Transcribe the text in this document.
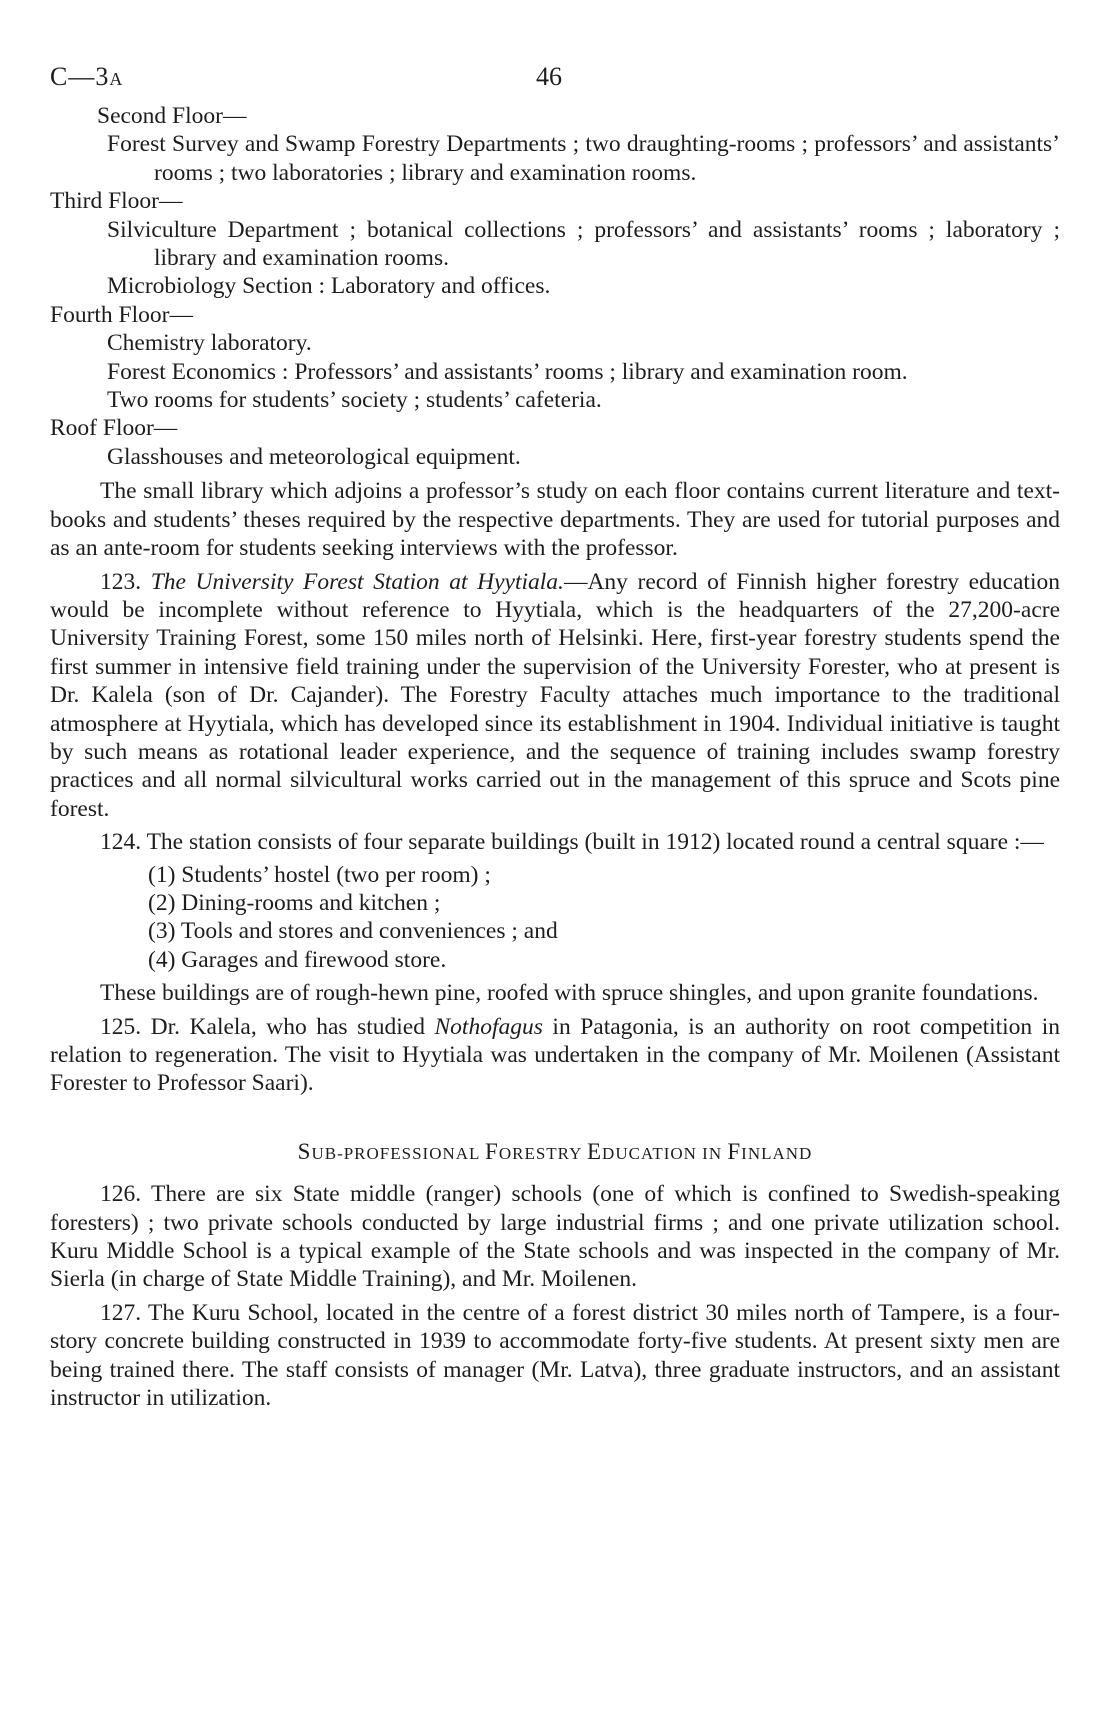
C—3A	46

Second Floor—

Forest Survey and Swamp Forestry Departments ; two draughting-rooms ; professors’ and assistants’ rooms ; two laboratories ; library and examination rooms.

Third Floor—

Silviculture Department ; botanical collections ; professors’ and assistants’ rooms ; laboratory ; library and examination rooms.

Microbiology Section : Laboratory and offices.

Fourth Floor—

Chemistry laboratory.

Forest Economics : Professors’ and assistants’ rooms ; library and examination room.

Two rooms for students’ society ; students’ cafeteria.

Roof Floor—

Glasshouses and meteorological equipment.

The small library which adjoins a professor’s study on each floor contains current literature and text-books and students’ theses required by the respective departments. They are used for tutorial purposes and as an ante-room for students seeking interviews with the professor.

123. The University Forest Station at Hyytiala.—Any record of Finnish higher forestry education would be incomplete without reference to Hyytiala, which is the headquarters of the 27,200-acre University Training Forest, some 150 miles north of Helsinki. Here, first-year forestry students spend the first summer in intensive field training under the supervision of the University Forester, who at present is Dr. Kalela (son of Dr. Cajander). The Forestry Faculty attaches much importance to the traditional atmosphere at Hyytiala, which has developed since its establishment in 1904. Individual initiative is taught by such means as rotational leader experience, and the sequence of training includes swamp forestry practices and all normal silvicultural works carried out in the management of this spruce and Scots pine forest.

124. The station consists of four separate buildings (built in 1912) located round a central square :—

(1) Students’ hostel (two per room) ;
(2) Dining-rooms and kitchen ;
(3) Tools and stores and conveniences ; and
(4) Garages and firewood store.

These buildings are of rough-hewn pine, roofed with spruce shingles, and upon granite foundations.

125. Dr. Kalela, who has studied Nothofagus in Patagonia, is an authority on root competition in relation to regeneration. The visit to Hyytiala was undertaken in the company of Mr. Moilenen (Assistant Forester to Professor Saari).

SUB-PROFESSIONAL FORESTRY EDUCATION IN FINLAND

126. There are six State middle (ranger) schools (one of which is confined to Swedish-speaking foresters) ; two private schools conducted by large industrial firms ; and one private utilization school. Kuru Middle School is a typical example of the State schools and was inspected in the company of Mr. Sierla (in charge of State Middle Training), and Mr. Moilenen.

127. The Kuru School, located in the centre of a forest district 30 miles north of Tampere, is a four-story concrete building constructed in 1939 to accommodate forty-five students. At present sixty men are being trained there. The staff consists of manager (Mr. Latva), three graduate instructors, and an assistant instructor in utilization.
